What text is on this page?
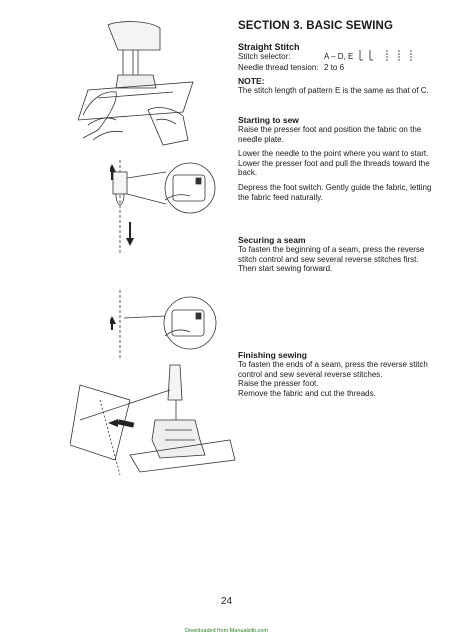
SECTION 3. BASIC SEWING
Straight Stitch
Stitch selector:	A – D, E
Needle thread tension: 2 to 6
NOTE:
The stitch length of pattern E is the same as that of C.
Starting to sew
Raise the presser foot and position the fabric on the needle plate.
Lower the needle to the point where you want to start.
Lower the presser foot and pull the threads toward the back.
Depress the foot switch. Gently guide the fabric, letting the fabric feed naturally.
Securing a seam
To fasten the beginning of a seam, press the reverse stitch control and sew several reverse stitches first.
Then start sewing forward.
Finishing sewing
To fasten the ends of a seam, press the reverse stitch control and sew several reverse stitches.
Raise the presser foot.
Remove the fabric and cut the threads.
24
Downloaded from Manualslib.com
